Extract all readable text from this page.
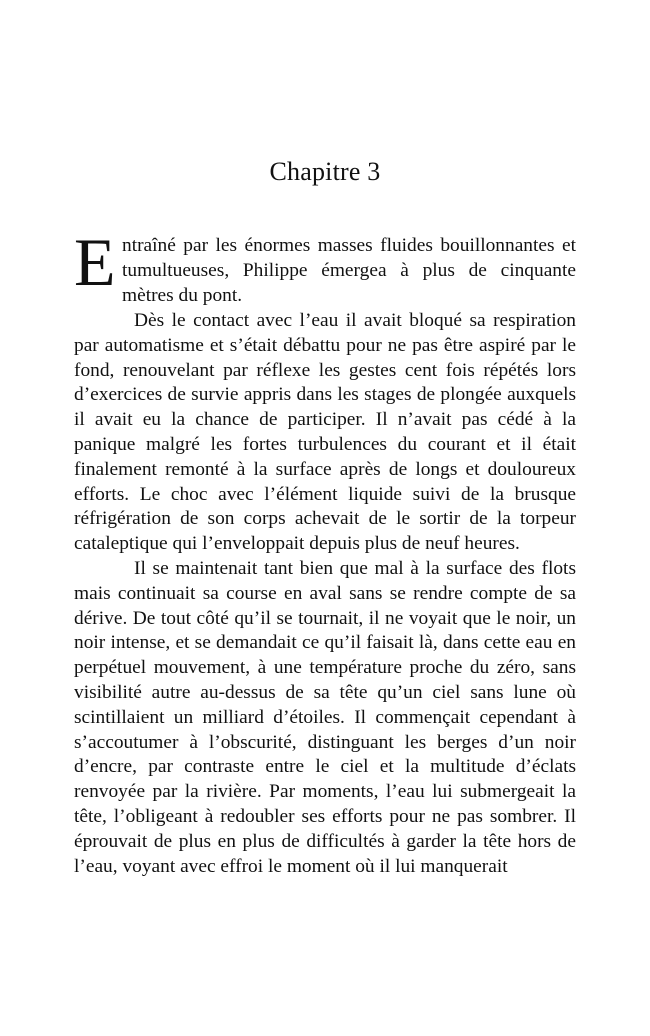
Chapitre 3
E ntraîné par les énormes masses fluides bouillonnantes et tumultueuses, Philippe émergea à plus de cinquante mètres du pont.

Dès le contact avec l’eau il avait bloqué sa respiration par automatisme et s’était débattu pour ne pas être aspiré par le fond, renouvelant par réflexe les gestes cent fois répétés lors d’exercices de survie appris dans les stages de plongée auxquels il avait eu la chance de participer. Il n’avait pas cédé à la panique malgré les fortes turbulences du courant et il était finalement remonté à la surface après de longs et douloureux efforts. Le choc avec l’élément liquide suivi de la brusque réfrigération de son corps achevait de le sortir de la torpeur cataleptique qui l’enveloppait depuis plus de neuf heures.

Il se maintenait tant bien que mal à la surface des flots mais continuait sa course en aval sans se rendre compte de sa dérive. De tout côté qu’il se tournait, il ne voyait que le noir, un noir intense, et se demandait ce qu’il faisait là, dans cette eau en perpétuel mouvement, à une température proche du zéro, sans visibilité autre au-dessus de sa tête qu’un ciel sans lune où scintillaient un milliard d’étoiles. Il commençait cependant à s’accoutumer à l’obscurité, distinguant les berges d’un noir d’encre, par contraste entre le ciel et la multitude d’éclats renvoyée par la rivière. Par moments, l’eau lui submergeait la tête, l’obligeant à redoubler ses efforts pour ne pas sombrer. Il éprouvait de plus en plus de difficultés à garder la tête hors de l’eau, voyant avec effroi le moment où il lui manquerait
